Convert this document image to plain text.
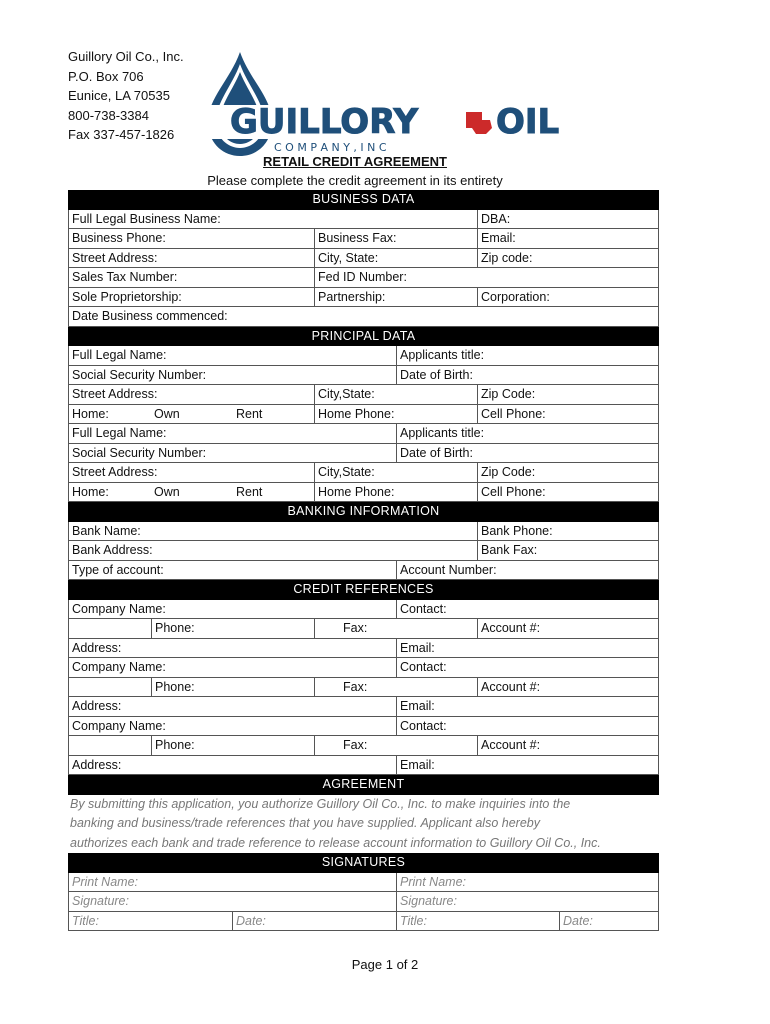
Guillory Oil Co., Inc.
P.O. Box 706
Eunice, LA 70535
800-738-3384
Fax 337-457-1826 GUILLORY OIL
C O M P A N Y , I N C
RETAIL CREDIT AGREEMENT
Please complete the credit agreement in its entirety
BUSINESS DATA
Full Legal Business Name:	DBA:
Business Phone:	Business Fax:	Email:
Street Address:	City, State:	Zip code:
Sales Tax Number:	Fed ID Number:
Sole Proprietorship:	Partnership:	Corporation:
Date Business commenced:
PRINCIPAL DATA
Full Legal Name:	Applicants title:
Social Security Number:	Date of Birth:
Street Address:	City,State:	Zip Code:
Home:	Own	Rent	Home Phone:	Cell Phone:
Full Legal Name:	Applicants title:
Social Security Number:	Date of Birth:
Street Address:	City,State:	Zip Code:
Home:	Own	Rent	Home Phone:	Cell Phone:
BANKING INFORMATION
Bank Name:	Bank Phone:
Bank Address:	Bank Fax:
Type of account:	Account Number:
CREDIT REFERENCES
Company Name:	Contact:
Phone:	Fax:	Account #:
Address:	Email:
Company Name:	Contact:
Phone:	Fax:	Account #:
Address:	Email:
Company Name:	Contact:
Phone:	Fax:	Account #:
Address:	Email:
AGREEMENT
By submitting this application, you authorize Guillory Oil Co., Inc. to make inquiries into the
banking and business/trade references that you have supplied. Applicant also hereby
authorizes each bank and trade reference to release account information to Guillory Oil Co., Inc.
SIGNATURES
Print Name:	Print Name:
Signature:	Signature:
Title:	Date:	Title:	Date:
Page 1 of 2
